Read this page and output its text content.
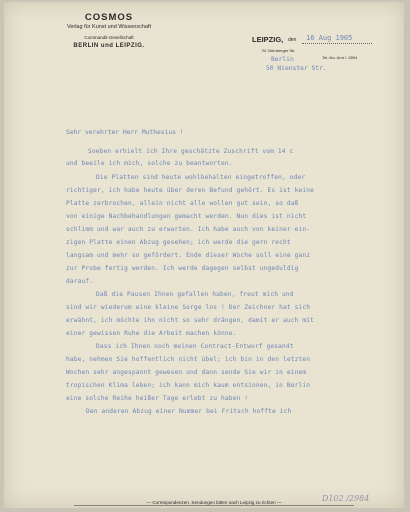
COSMOS
Verlag für Kunst und Wissenschaft
Commandit-Gesellschaft
BERLIN und LEIPZIG.
LEIPZIG, den 16 Aug 1905
St. Nürnberger Str.
Tel.-No. Amt I. 2894
Berlin
50 Nienster Str.
Sehr verehrter Herr Muthesius !
Soeben erhielt ich Ihre geschätzte Zuschrift vom 14 c
und beeile ich mich, solche zu beantworten.
Die Platten sind heute wohlbehalten eingetroffen, oder
richtiger, ich habe heute über deren Befund gehört. Es ist keine
Platte zerbrochen, allein nicht alle wollen gut sein, so daß
von einige Nachbehandlungen gemacht werden. Nun dies ist nicht
schlimm und war auch zu erwarten. Ich habe auch von keiner ein-
zigen Platte einen Abzug gesehen; ich werde die gern recht
langsam und mehr so gefördert. Ende dieser Woche soll eine ganz
zur Probe fertig werden. Ich werde dagegen selbst ungeduldig
darauf.
Daß die Pausen Ihnen gefallen haben, freut mich und
sind wir wiederum eine kleine Sorge los ! Der Zeichner hat sich
erwähnt, ich möchte ihn nicht so sehr drängen, damit er auch mit
einer gewissen Ruhe die Arbeit machen könne.
Dass ich Ihnen noch meinen Contract-Entwurf gesandt
habe, nehmen Sie hoffentlich nicht übel; ich bin in den letzten
Wochen sehr angespannt gewesen und dann sende Sie wir in einem
tropischen Klima leben; ich kann mich kaum entsinnen, in Berlin
eine solche Reihe heißer Tage erlebt zu haben !
Den anderen Abzug einer Nummer bei Fritsch hoffte ich
— Correspondenzen, Sendungen bitten nach Leipzig zu richten —	D102 /2984
